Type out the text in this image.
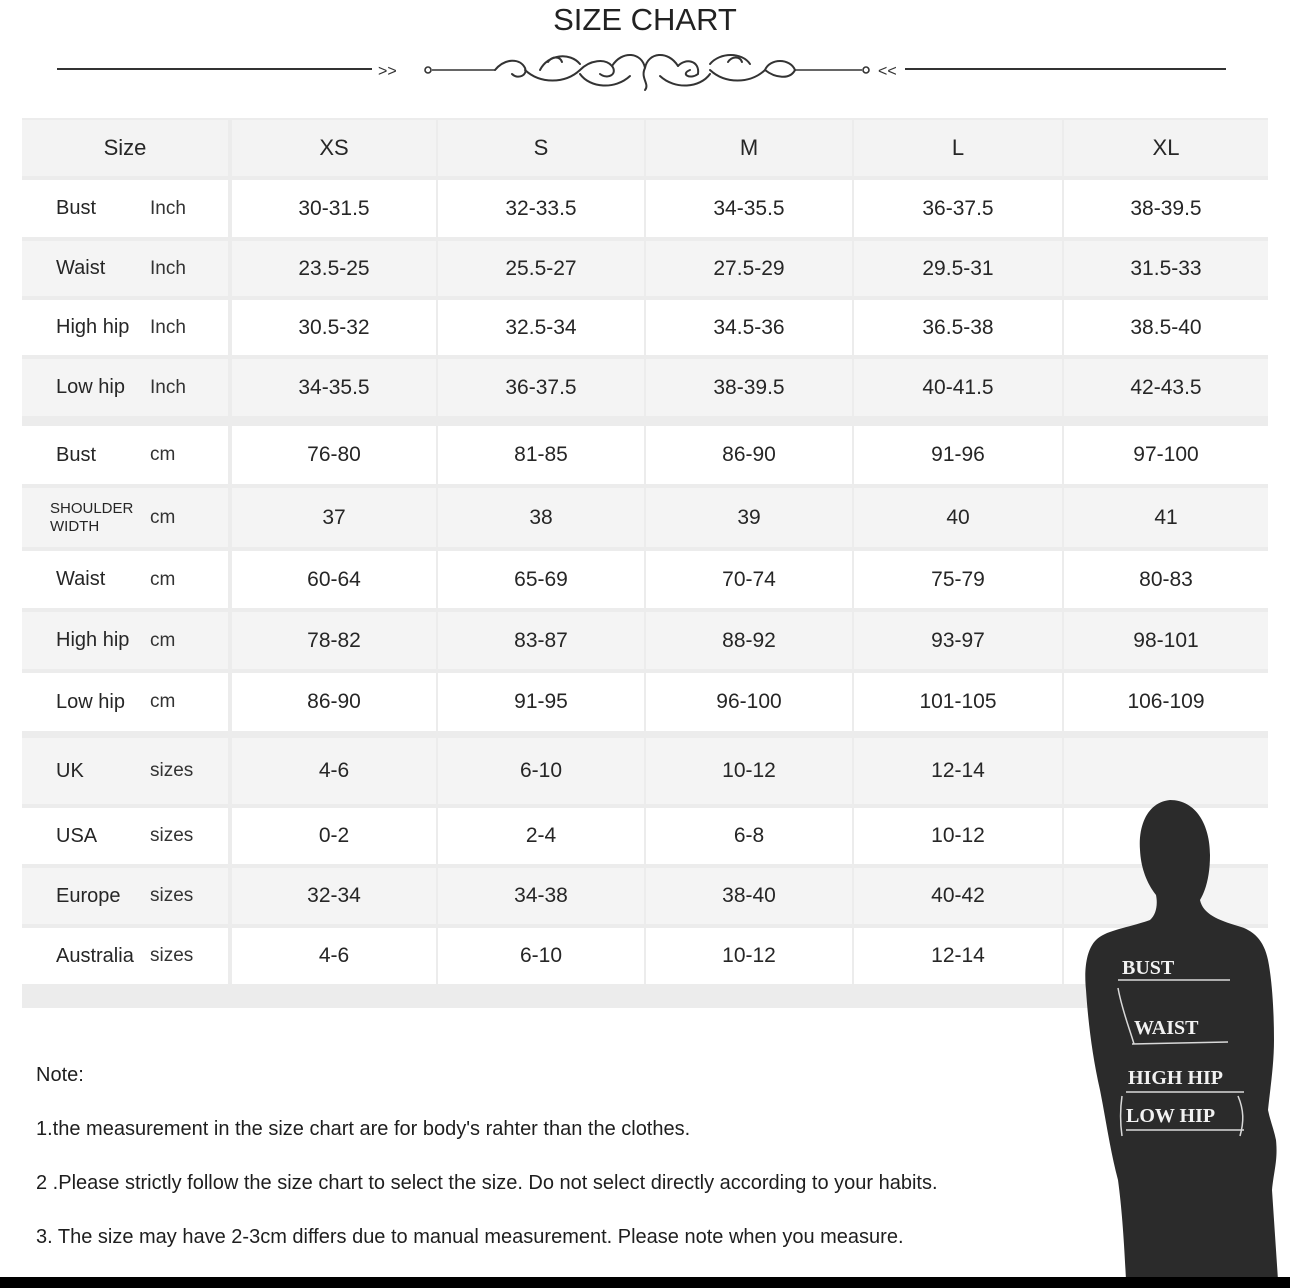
SIZE CHART
>>	<<
Size	XS	S	M	L	XL
Bust	Inch	30-31.5	32-33.5	34-35.5	36-37.5	38-39.5
Waist Inch	23.5-25	25.5-27	27.5-29	29.5-31	31.5-33
High hip Inch	30.5-32	32.5-34	34.5-36	36.5-38	38.5-40
Low hip Inch	34-35.5	36-37.5	38-39.5	40-41.5	42-43.5
Bust	cm	76-80	81-85	86-90	91-96	97-100
SHOULDER WIDTH	cm	37	38	39	40	41
Waist cm	60-64	65-69	70-74	75-79	80-83
High hip cm	78-82	83-87	88-92	93-97	98-101
Low hip cm	86-90	91-95	96-100	101-105	106-109
UK	sizes	4-6	6-10	10-12	12-14
USA	sizes	0-2	2-4	6-8	10-12
Europe sizes	32-34	34-38	38-40	40-42
Australia sizes	4-6	6-10	10-12	12-14
Note:
1.the measurement in the size chart are for body's rahter than the clothes.
2 .Please strictly follow the size chart to select the size. Do not select directly according to your habits.
3. The size may have 2-3cm differs due to manual measurement. Please note when you measure.
BUST
WAIST
HIGH HIP
LOW HIP
